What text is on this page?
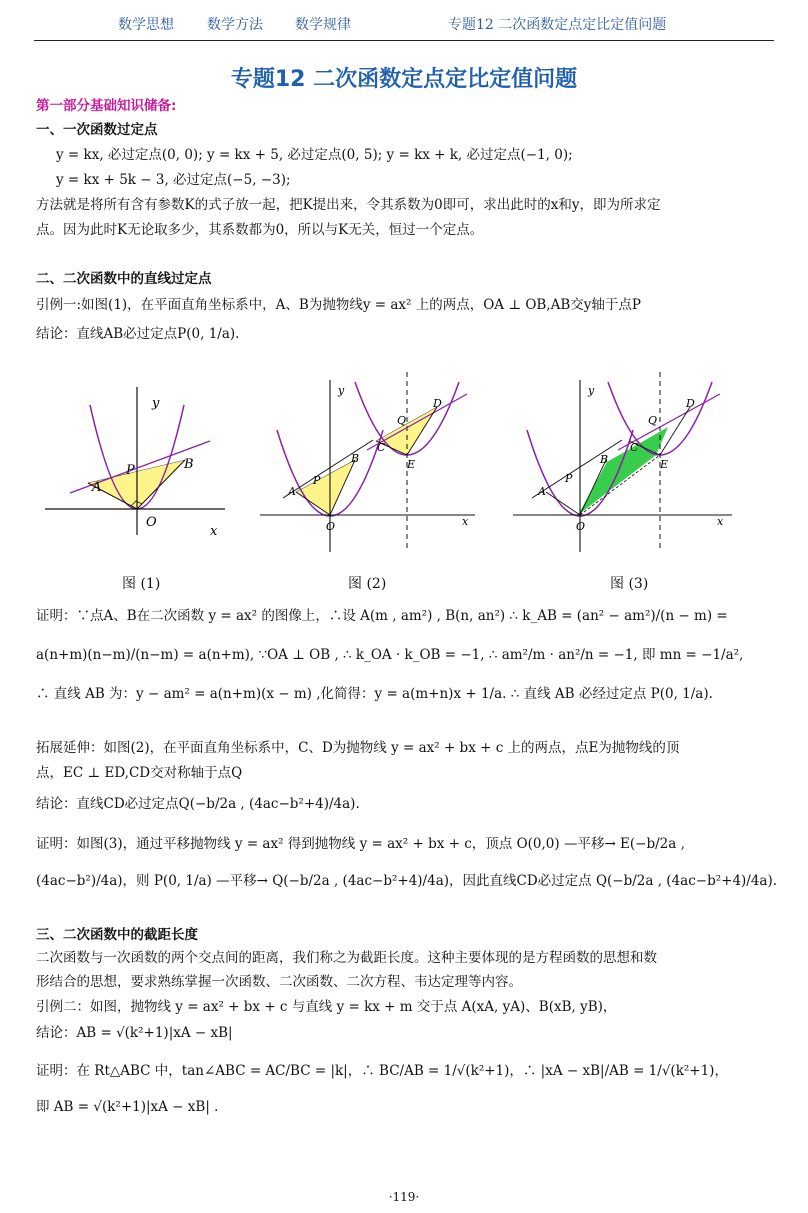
数学思想 数学方法 数学规律	专题12 二次函数定点定比定值问题
专题12 二次函数定点定比定值问题
第一部分基础知识储备:
一、一次函数过定点
y = kx, 必过定点(0, 0); y = kx + 5, 必过定点(0, 5); y = kx + k, 必过定点(−1, 0);
y = kx + 5k − 3, 必过定点(−5, −3);
方法就是将所有含有参数K的式子放一起，把K提出来，令其系数为0即可，求出此时的x和y，即为所求定
点。因为此时K无论取多少，其系数都为0，所以与K无关，恒过一个定点。
二、二次函数中的直线过定点
引例一:如图(1)，在平面直角坐标系中，A、B为抛物线y = ax² 上的两点，OA ⊥ OB,AB交y轴于点P
结论：直线AB必过定点P(0, 1/a).
y
x
O
A
P	B
y
x
O
A
P
B
C
Q
D
E
y
x
O
A
P
B
C
Q
D
E
图 (1)	图 (2)	图 (3)
证明：∵点A、B在二次函数 y = ax² 的图像上，∴设 A(m , am²) , B(n, an²) ∴ k_AB = (an² − am²)/(n − m) =
a(n+m)(n−m)/(n−m) = a(n+m), ∵OA ⊥ OB , ∴ k_OA · k_OB = −1, ∴ am²/m · an²/n = −1, 即 mn = −1/a²,
∴ 直线 AB 为：y − am² = a(n+m)(x − m) ,化简得：y = a(m+n)x + 1/a. ∴ 直线 AB 必经过定点 P(0, 1/a).
拓展延伸：如图(2)，在平面直角坐标系中，C、D为抛物线 y = ax² + bx + c 上的两点，点E为抛物线的顶
点，EC ⊥ ED,CD交对称轴于点Q
结论：直线CD必过定点Q(−b/2a , (4ac−b²+4)/4a).
证明：如图(3)，通过平移抛物线 y = ax² 得到抛物线 y = ax² + bx + c，顶点 O(0,0) —平移→ E(−b/2a ,
(4ac−b²)/4a)，则 P(0, 1/a) —平移→ Q(−b/2a , (4ac−b²+4)/4a)，因此直线CD必过定点 Q(−b/2a , (4ac−b²+4)/4a).
三、二次函数中的截距长度
二次函数与一次函数的两个交点间的距离，我们称之为截距长度。这种主要体现的是方程函数的思想和数
形结合的思想，要求熟练掌握一次函数、二次函数、二次方程、韦达定理等内容。
引例二：如图，抛物线 y = ax² + bx + c 与直线 y = kx + m 交于点 A(xA, yA)、B(xB, yB)，
结论：AB = √(k²+1)|xA − xB|
证明：在 Rt△ABC 中，tan∠ABC = AC/BC = |k|，∴ BC/AB = 1/√(k²+1)，∴ |xA − xB|/AB = 1/√(k²+1)，
即 AB = √(k²+1)|xA − xB| .
·119·
